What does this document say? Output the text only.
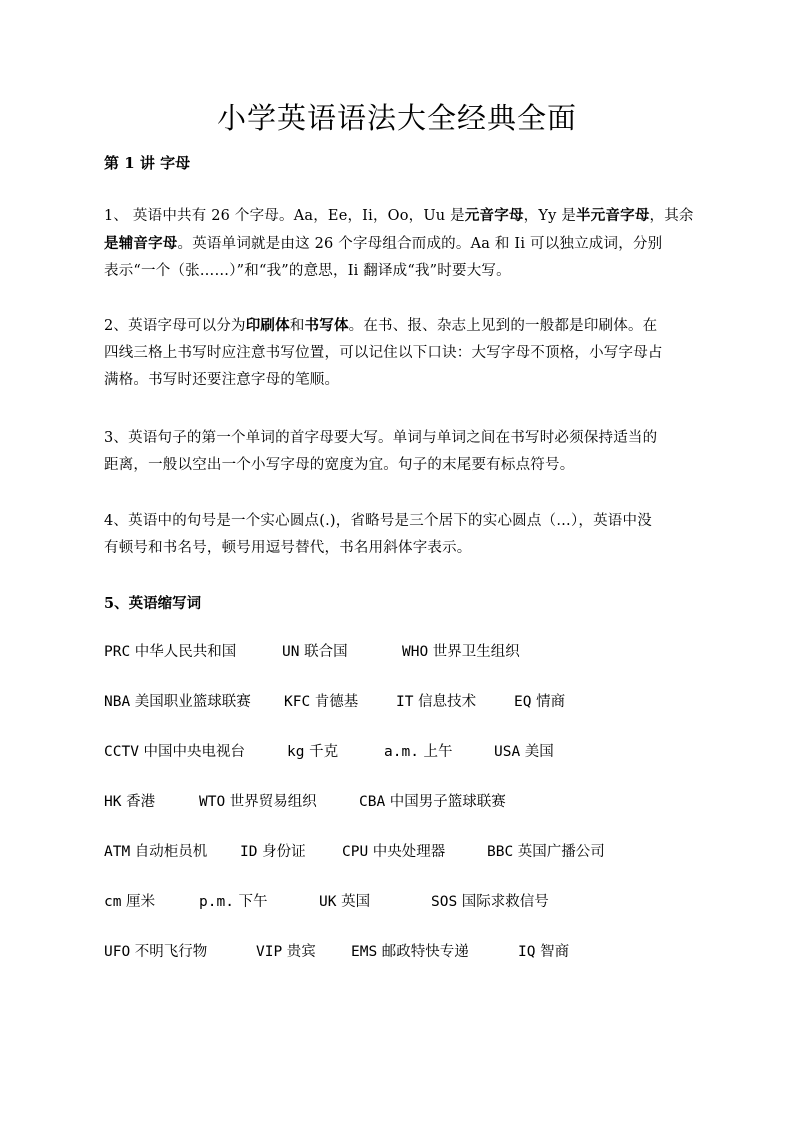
小学英语语法大全经典全面
第 1 讲 字母
1、 英语中共有 26 个字母。Aa，Ee，Ii，Oo，Uu 是元音字母，Yy 是半元音字母，其余
是辅音字母。英语单词就是由这 26 个字母组合而成的。Aa 和 Ii 可以独立成词，分别
表示“一个（张……）”和“我”的意思，Ii 翻译成“我”时要大写。
2、英语字母可以分为印刷体和书写体。在书、报、杂志上见到的一般都是印刷体。在
四线三格上书写时应注意书写位置，可以记住以下口诀：大写字母不顶格，小写字母占
满格。书写时还要注意字母的笔顺。
3、英语句子的第一个单词的首字母要大写。单词与单词之间在书写时必须保持适当的
距离，一般以空出一个小写字母的宽度为宜。句子的末尾要有标点符号。
4、英语中的句号是一个实心圆点(.)，省略号是三个居下的实心圆点（…），英语中没
有顿号和书名号，顿号用逗号替代，书名用斜体字表示。
5、英语缩写词
PRC 中华人民共和国	UN 联合国	WHO 世界卫生组织
NBA 美国职业篮球联赛 KFC 肯德基	IT 信息技术	EQ 情商
CCTV 中国中央电视台	kg 千克	a.m. 上午	USA 美国
HK 香港	WTO 世界贸易组织	CBA 中国男子篮球联赛
ATM 自动柜员机 ID 身份证	CPU 中央处理器	BBC 英国广播公司
cm 厘米	p.m. 下午	UK 英国	SOS 国际求救信号
UFO 不明飞行物	VIP 贵宾 EMS 邮政特快专递	IQ 智商
